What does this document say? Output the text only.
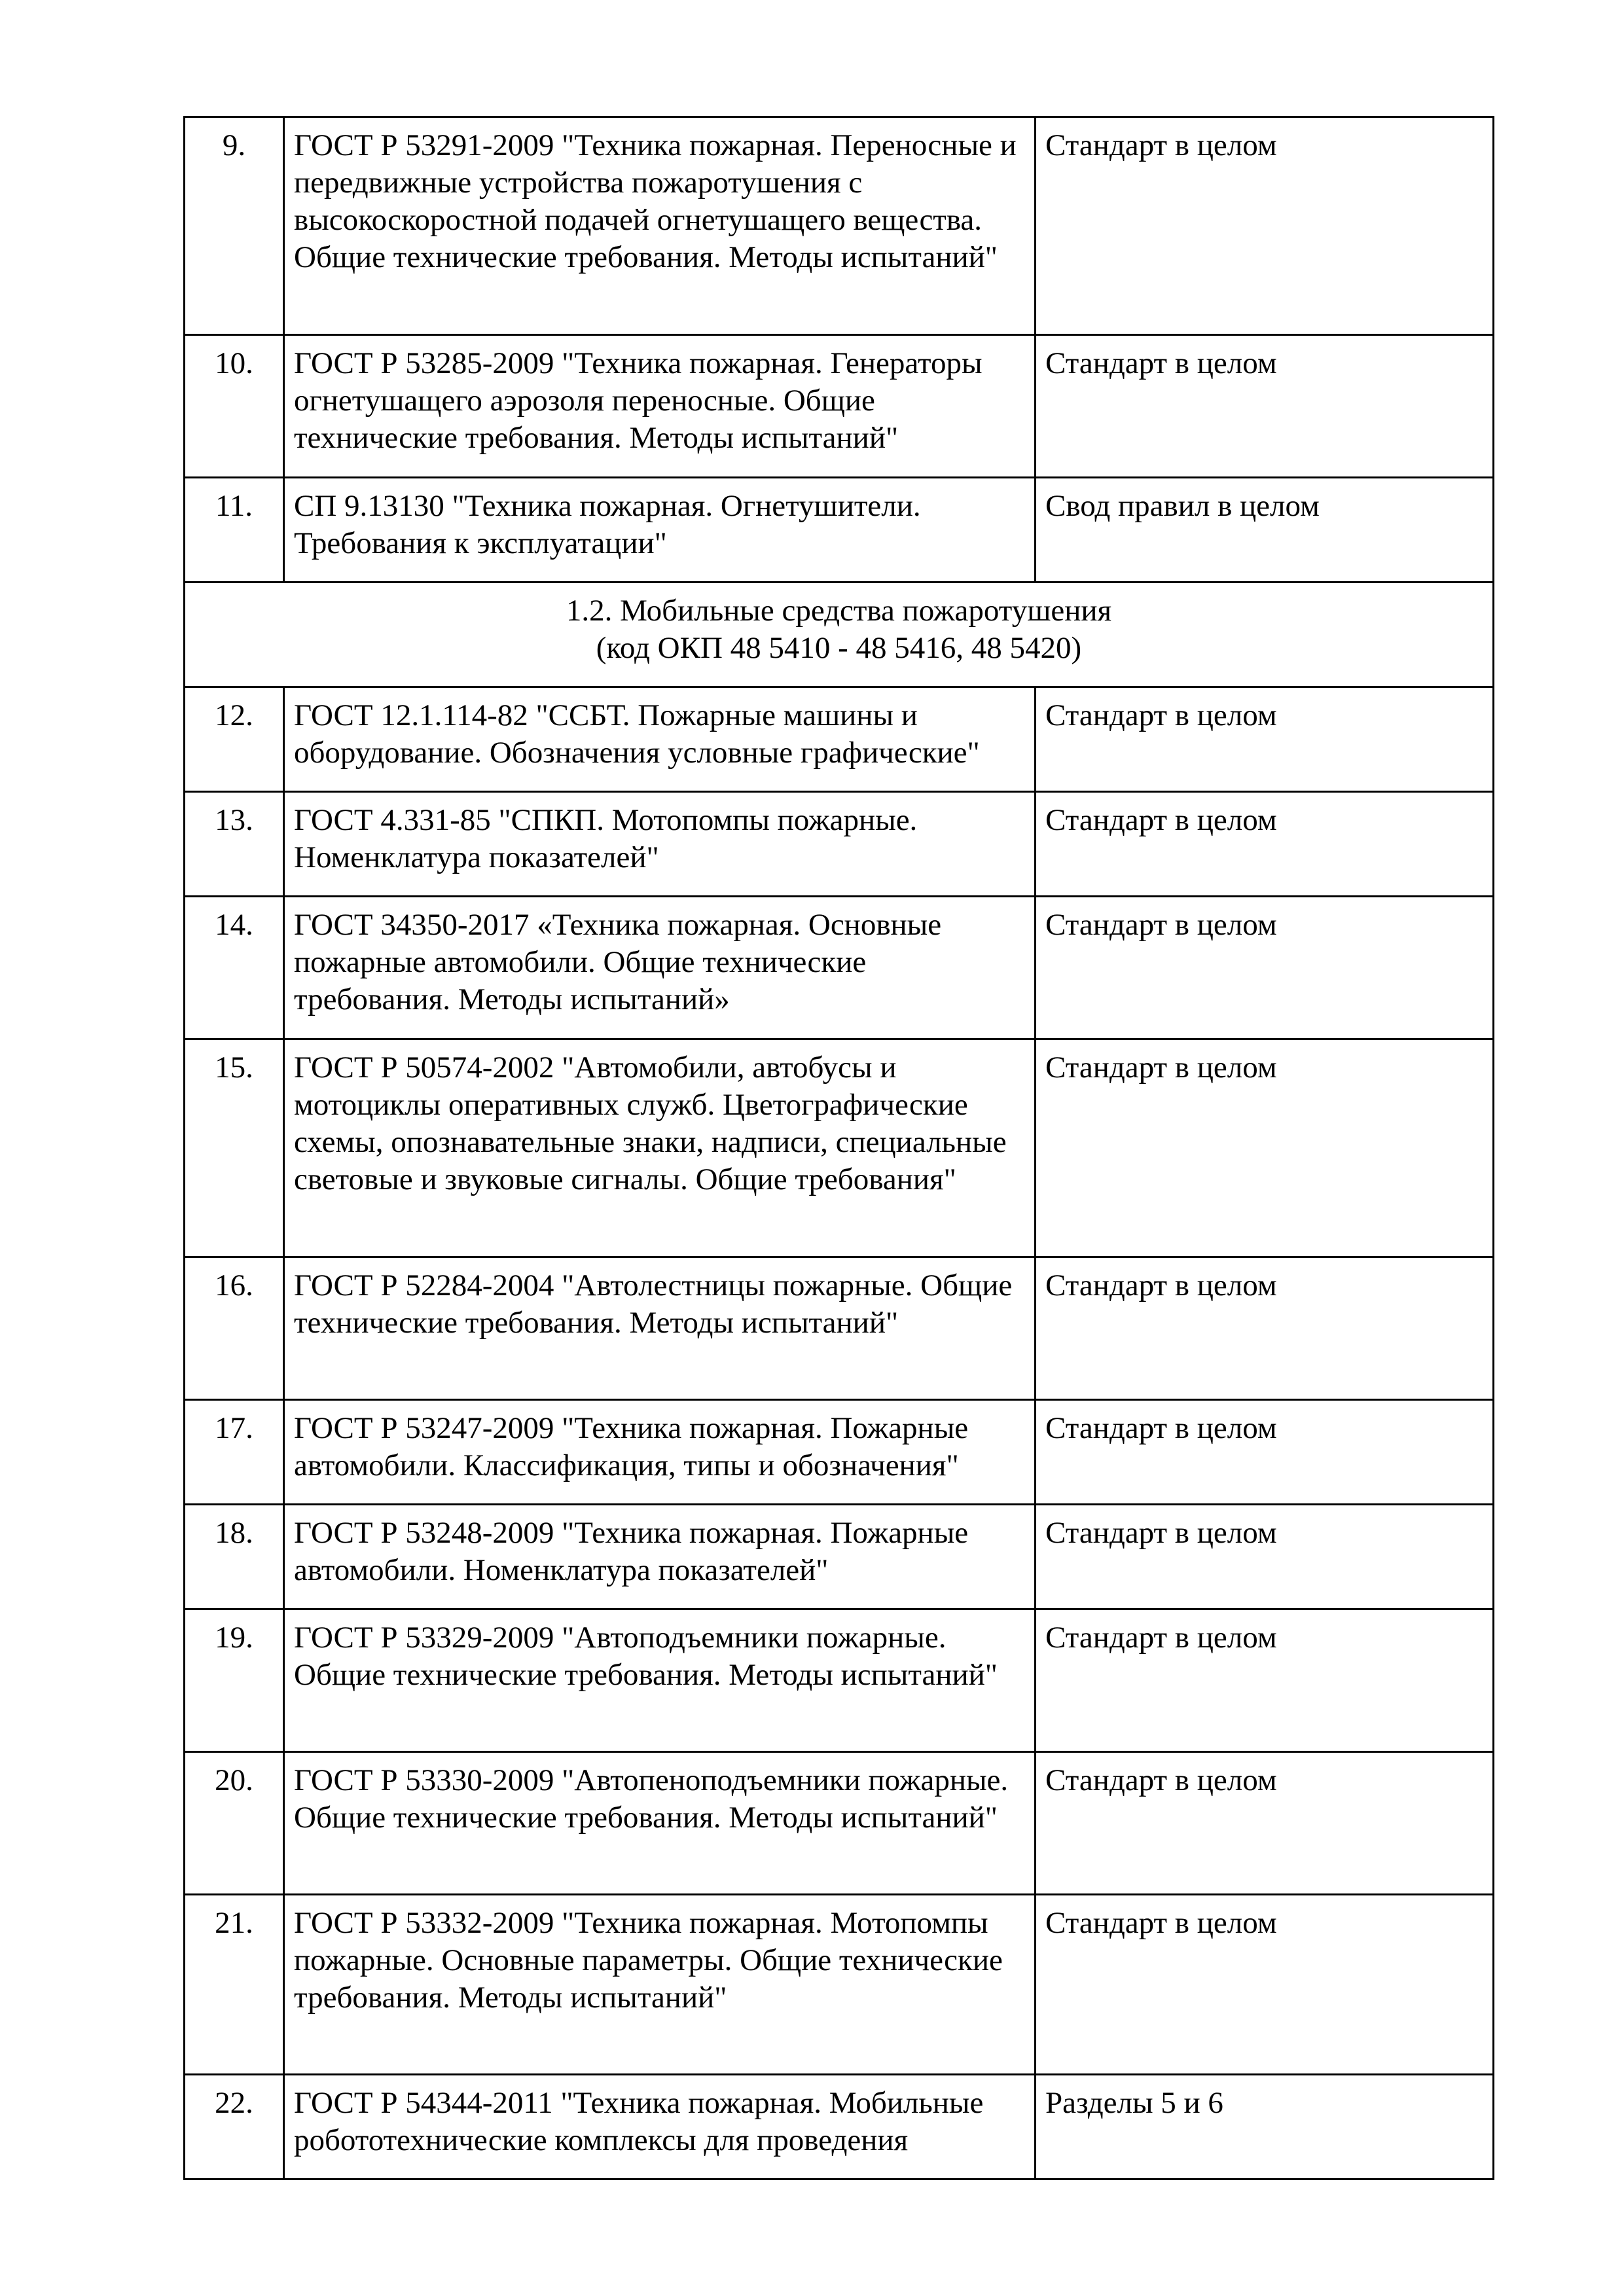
9.	ГОСТ Р 53291-2009 "Техника пожарная. Переносные и передвижные устройства пожаротушения с высокоскоростной подачей огнетушащего вещества. Общие технические требования. Методы испытаний"	Стандарт в целом
10.	ГОСТ Р 53285-2009 "Техника пожарная. Генераторы огнетушащего аэрозоля переносные. Общие технические требования. Методы испытаний"	Стандарт в целом
11.	СП 9.13130 "Техника пожарная. Огнетушители. Требования к эксплуатации"	Свод правил в целом

1.2. Мобильные средства пожаротушения
(код ОКП 48 5410 - 48 5416, 48 5420)		

12.	ГОСТ 12.1.114-82 "ССБТ. Пожарные машины и оборудование. Обозначения условные графические"	Стандарт в целом
13.	ГОСТ 4.331-85 "СПКП. Мотопомпы пожарные. Номенклатура показателей"	Стандарт в целом
14.	ГОСТ 34350-2017 «Техника пожарная. Основные пожарные автомобили. Общие технические требования. Методы испытаний»	Стандарт в целом
15.	ГОСТ Р 50574-2002 "Автомобили, автобусы и мотоциклы оперативных служб. Цветографические схемы, опознавательные знаки, надписи, специальные световые и звуковые сигналы. Общие требования"	Стандарт в целом
16.	ГОСТ Р 52284-2004 "Автолестницы пожарные. Общие технические требования. Методы испытаний"	Стандарт в целом
17.	ГОСТ Р 53247-2009 "Техника пожарная. Пожарные автомобили. Классификация, типы и обозначения"	Стандарт в целом
18.	ГОСТ Р 53248-2009 "Техника пожарная. Пожарные автомобили. Номенклатура показателей"	Стандарт в целом
19.	ГОСТ Р 53329-2009 "Автоподъемники пожарные. Общие технические требования. Методы испытаний"	Стандарт в целом
20.	ГОСТ Р 53330-2009 "Автопеноподъемники пожарные. Общие технические требования. Методы испытаний"	Стандарт в целом
21.	ГОСТ Р 53332-2009 "Техника пожарная. Мотопомпы пожарные. Основные параметры. Общие технические требования. Методы испытаний"	Стандарт в целом
22.	ГОСТ Р 54344-2011 "Техника пожарная. Мобильные робототехнические комплексы для проведения	Разделы 5 и 6
